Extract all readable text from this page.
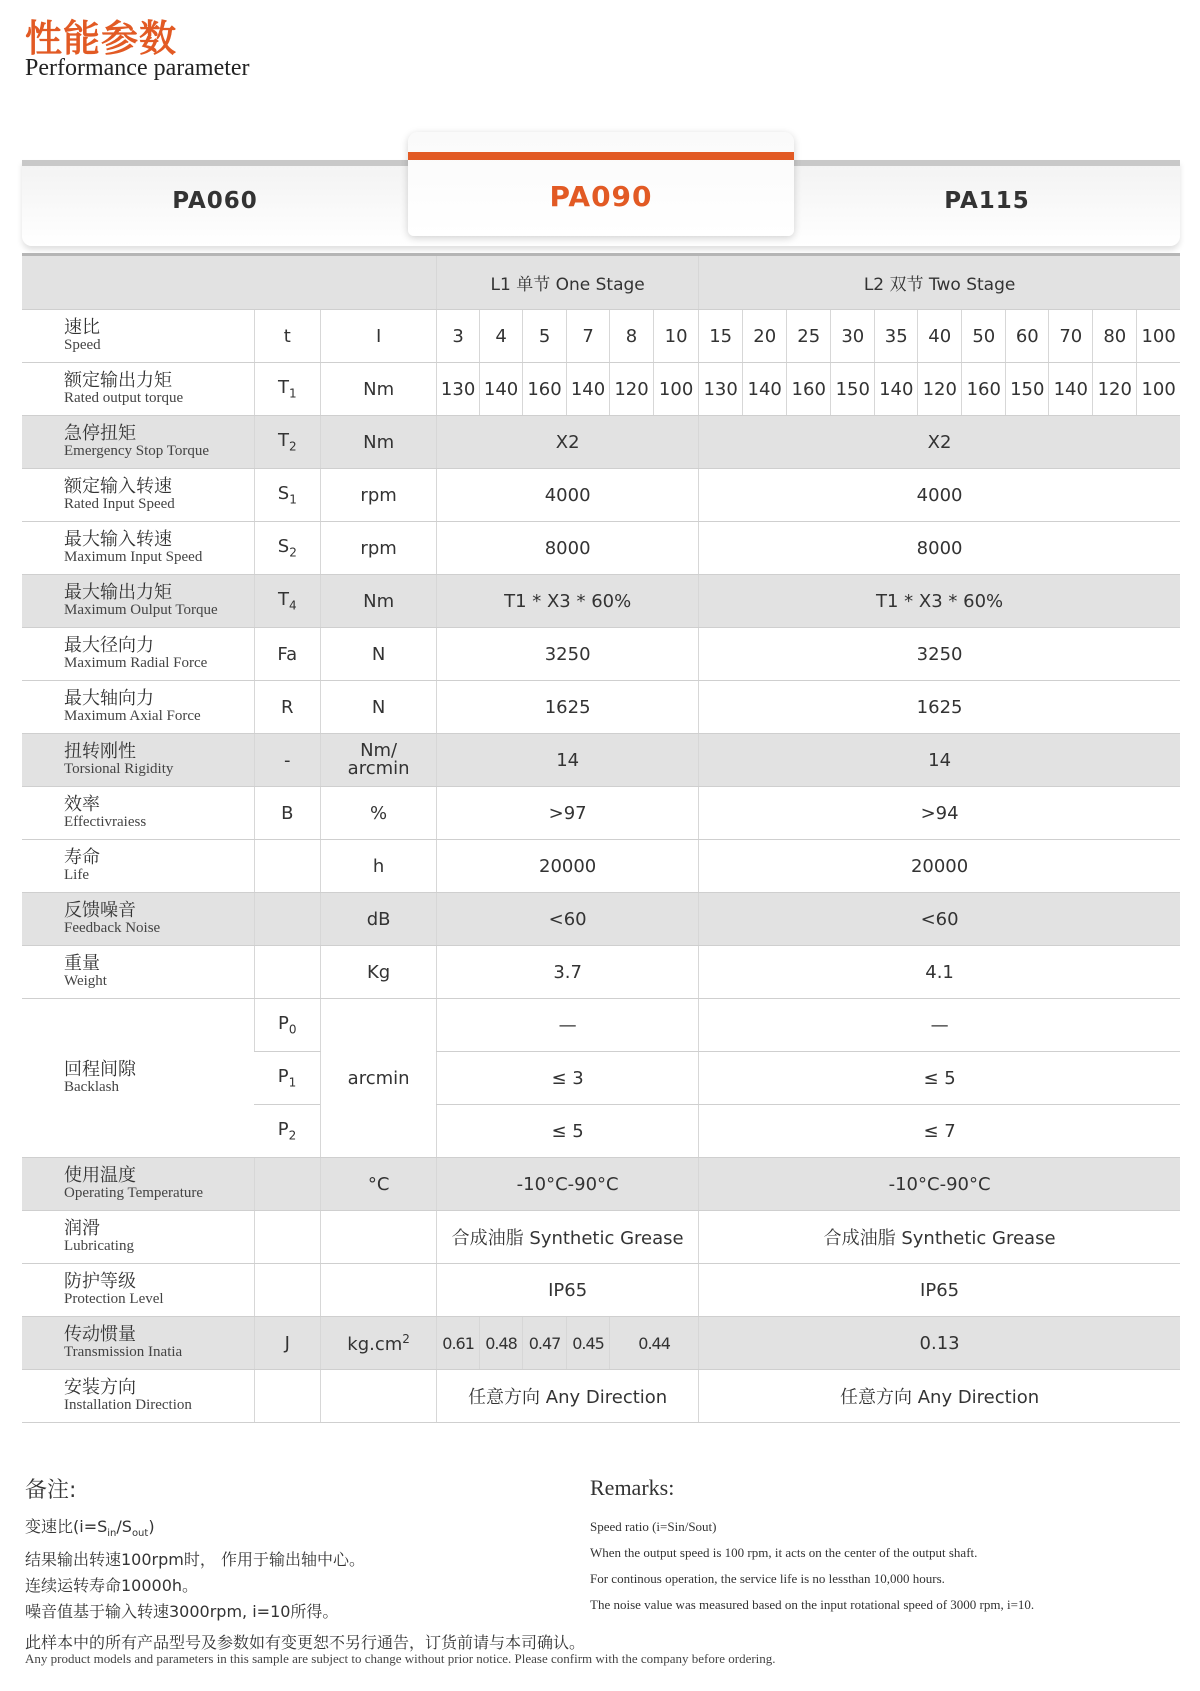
性能参数
Performance parameter
PA060	PA115
PA090
			L1 单节 One Stage						L2 双节 Two Stage										

速比
Speed	t	I	3	4	5	7	8	10	15	20	25	30	35	40	50	60	70	80	100

额定输出力矩
Rated output torque	$T_1$	Nm	130	140	160	140	120	100	130	140	160	150	140	120	160	150	140	120	100

急停扭矩
Emergency Stop Torque	$T_2$	Nm	X2						X2										

额定输入转速
Rated Input Speed	$S_1$	rpm	4000						4000										

最大输入转速
Maximum Input Speed	$S_2$	rpm	8000						8000										

最大输出力矩
Maximum Oulput Torque	$T_4$	Nm	T1 * X3 * 60%						T1 * X3 * 60%										

最大径向力
Maximum Radial Force	Fa	N	3250						3250										

最大轴向力
Maximum Axial Force	R	N	1625						1625										

扭转刚性
Torsional Rigidity	-	Nm/ arcmin	14						14										

效率
Effectivraiess	B	%	>97						>94										

寿命
Life		h	20000						20000										

反馈噪音
Feedback Noise		dB	<60						<60										

重量
Weight		Kg	3.7						4.1										

回程间隙
Backlash	$P_0$	arcmin	—						—										
	$P_1$		≤ 3						≤ 5										
	$P_2$		≤ 5						≤ 7										

使用温度
Operating Temperature		°C	-10°C-90°C						-10°C-90°C										

润滑
Lubricating			合成油脂 Synthetic Grease						合成油脂 Synthetic Grease										

防护等级
Protection Level			IP65						IP65										

传动惯量
Transmission Inatia	J	$kg.cm^2$	0.61	0.48	0.47	0.45	0.44		0.13										

安装方向
Installation Direction			任意方向 Any Direction						任意方向 Any Direction										
备注:
变速比$(i=S_{in}/S_{out})$
结果输出转速100rpm时， 作用于输出轴中心。
连续运转寿命10000h。
噪音值基于输入转速3000rpm, i=10所得。
Remarks:
Speed ratio (i=Sin/Sout)
When the output speed is 100 rpm, it acts on the center of the output shaft.
For continous operation, the service life is no lessthan 10,000 hours.
The noise value was measured based on the input rotational speed of 3000 rpm, i=10.
此样本中的所有产品型号及参数如有变更恕不另行通告，订货前请与本司确认。
Any product models and parameters in this sample are subject to change without prior notice. Please confirm with the company before ordering.
